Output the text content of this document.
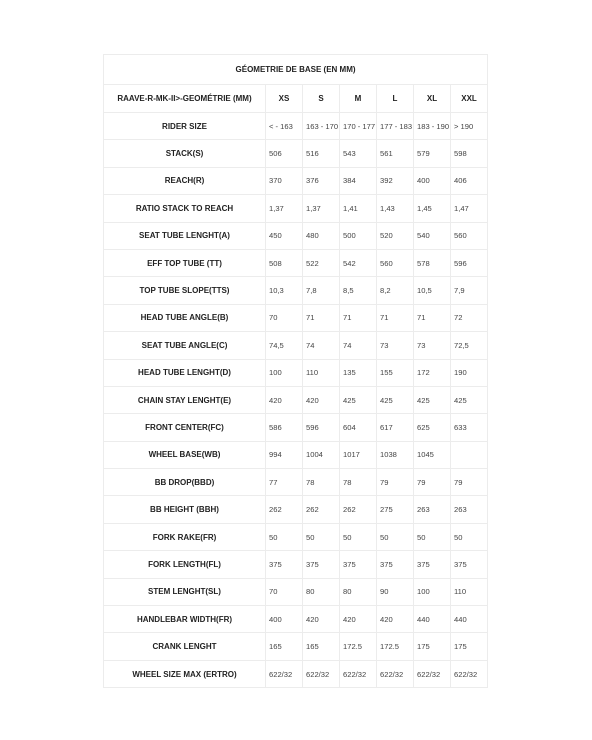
GÉOMETRIE DE BASE (EN MM)						
RAAVE-R-MK-II>-GEOMÉTRIE (MM)	XS	S	M	L	XL	XXL
RIDER SIZE	< - 163	163 - 170	170 - 177	177 - 183	183 - 190	> 190
STACK(S)	506	516	543	561	579	598
REACH(R)	370	376	384	392	400	406
RATIO STACK TO REACH	1,37	1,37	1,41	1,43	1,45	1,47
SEAT TUBE LENGHT(A)	450	480	500	520	540	560
EFF TOP TUBE (TT)	508	522	542	560	578	596
TOP TUBE SLOPE(TTS)	10,3	7,8	8,5	8,2	10,5	7,9
HEAD TUBE ANGLE(B)	70	71	71	71	71	72
SEAT TUBE ANGLE(C)	74,5	74	74	73	73	72,5
HEAD TUBE LENGHT(D)	100	110	135	155	172	190
CHAIN STAY LENGHT(E)	420	420	425	425	425	425
FRONT CENTER(FC)	586	596	604	617	625	633
WHEEL BASE(WB)	994	1004	1017	1038	1045	
BB DROP(BBD)	77	78	78	79	79	79
BB HEIGHT (BBH)	262	262	262	275	263	263
FORK RAKE(FR)	50	50	50	50	50	50
FORK LENGTH(FL)	375	375	375	375	375	375
STEM LENGHT(SL)	70	80	80	90	100	110
HANDLEBAR WIDTH(FR)	400	420	420	420	440	440
CRANK LENGHT	165	165	172.5	172.5	175	175
WHEEL SIZE MAX (ERTRO)	622/32	622/32	622/32	622/32	622/32	622/32
